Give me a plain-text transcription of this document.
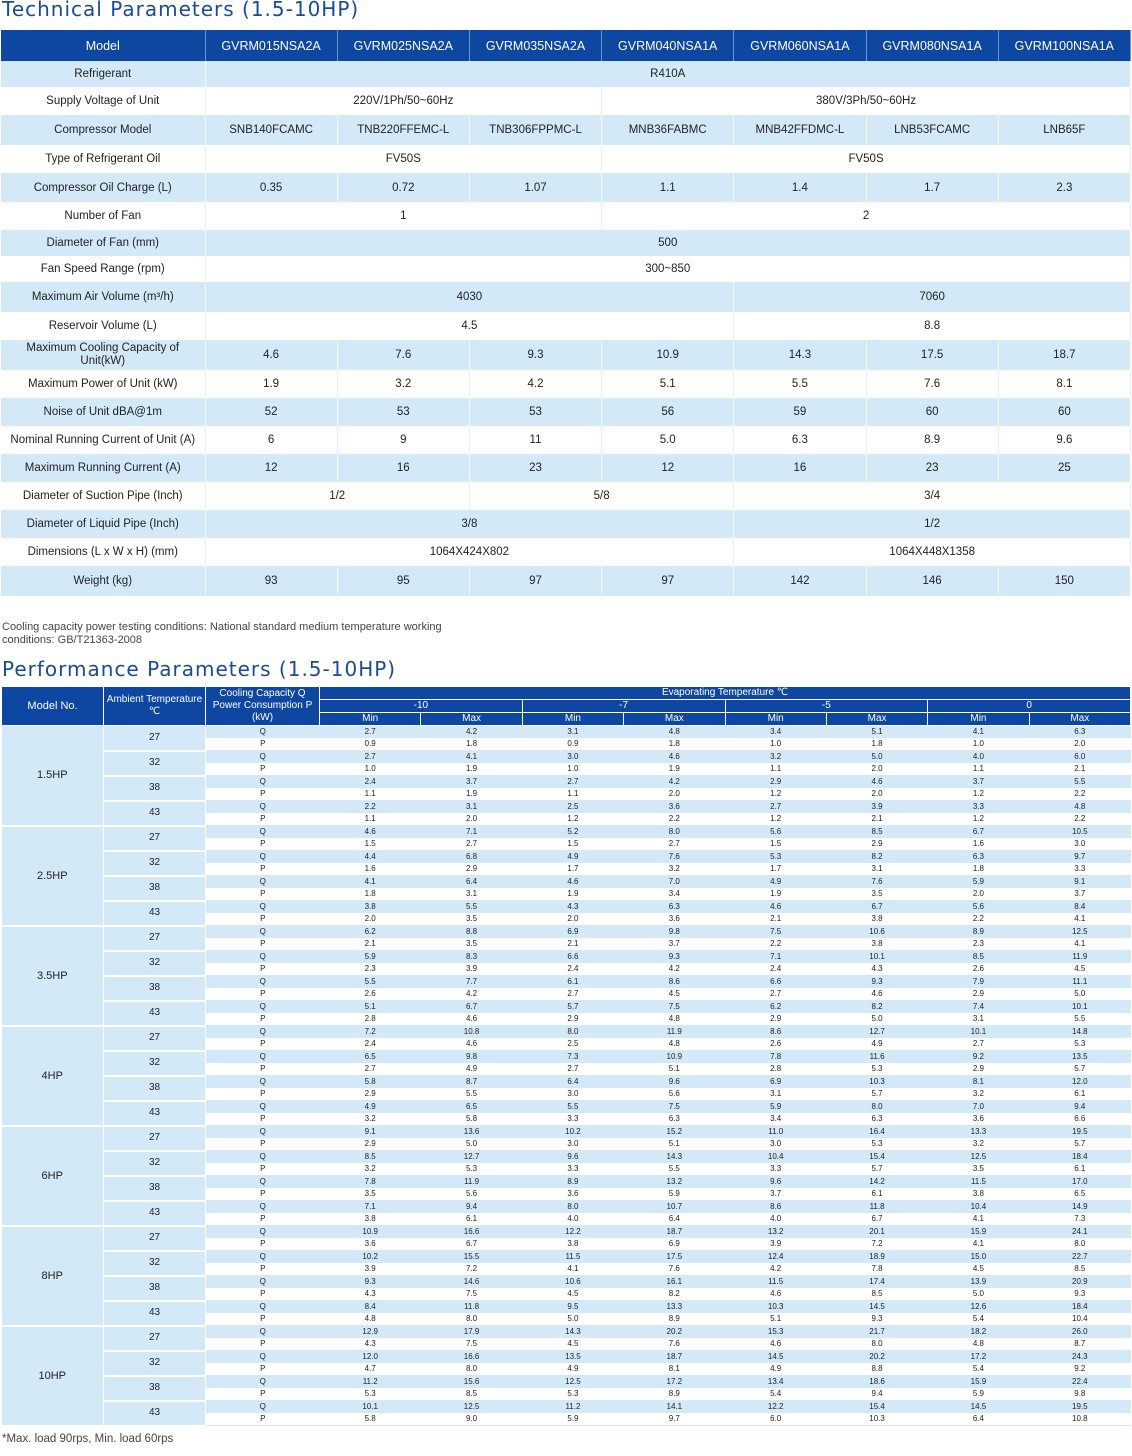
Technical Parameters (1.5-10HP)
Model	GVRM015NSA2A	GVRM025NSA2A	GVRM035NSA2A	GVRM040NSA1A	GVRM060NSA1A	GVRM080NSA1A	GVRM100NSA1A
Refrigerant	R410A						
Supply Voltage of Unit	220V/1Ph/50~60Hz			380V/3Ph/50~60Hz			
Compressor Model	SNB140FCAMC	TNB220FFEMC-L	TNB306FPPMC-L	MNB36FABMC	MNB42FFDMC-L	LNB53FCAMC	LNB65F
Type of Refrigerant Oil	FV50S			FV50S			
Compressor Oil Charge (L)	0.35	0.72	1.07	1.1	1.4	1.7	2.3
Number of Fan	1			2			
Diameter of Fan (mm)	500						
Fan Speed Range (rpm)	300~850						
Maximum Air Volume (m³/h)	4030				7060		
Reservoir Volume (L)	4.5				8.8		
Maximum Cooling Capacity of Unit(kW)	4.6	7.6	9.3	10.9	14.3	17.5	18.7
Maximum Power of Unit (kW)	1.9	3.2	4.2	5.1	5.5	7.6	8.1
Noise of Unit dBA@1m	52	53	53	56	59	60	60
Nominal Running Current of Unit (A)	6	9	11	5.0	6.3	8.9	9.6
Maximum Running Current (A)	12	16	23	12	16	23	25
Diameter of Suction Pipe (Inch)	1/2		5/8		3/4		
Diameter of Liquid Pipe (Inch)	3/8				1/2		
Dimensions (L x W x H) (mm)	1064X424X802				1064X448X1358		
Weight (kg)	93	95	97	97	142	146	150
Cooling capacity power testing conditions: National standard medium temperature working conditions: GB/T21363-2008
Performance Parameters (1.5-10HP)
Model No.	Ambient Temperature ℃	Cooling Capacity Q Power Consumption P (kW)	Evaporating Temperature ℃							
			-10		-7		-5		0	
			Min	Max	Min	Max	Min	Max	Min	Max
1.5HP	27	Q	2.7	4.2	3.1	4.8	3.4	5.1	4.1	6.3
		P	0.9	1.8	0.9	1.8	1.0	1.8	1.0	2.0
	32	Q	2.7	4.1	3.0	4.6	3.2	5.0	4.0	6.0
		P	1.0	1.9	1.0	1.9	1.1	2.0	1.1	2.1
	38	Q	2.4	3.7	2.7	4.2	2.9	4.6	3.7	5.5
		P	1.1	1.9	1.1	2.0	1.2	2.0	1.2	2.2
	43	Q	2.2	3.1	2.5	3.6	2.7	3.9	3.3	4.8
		P	1.1	2.0	1.2	2.2	1.2	2.1	1.2	2.2
2.5HP	27	Q	4.6	7.1	5.2	8.0	5.6	8.5	6.7	10.5
		P	1.5	2.7	1.5	2.7	1.5	2.9	1.6	3.0
	32	Q	4.4	6.8	4.9	7.6	5.3	8.2	6.3	9.7
		P	1.6	2.9	1.7	3.2	1.7	3.1	1.8	3.3
	38	Q	4.1	6.4	4.6	7.0	4.9	7.6	5.9	9.1
		P	1.8	3.1	1.9	3.4	1.9	3.5	2.0	3.7
	43	Q	3.8	5.5	4.3	6.3	4.6	6.7	5.6	8.4
		P	2.0	3.5	2.0	3.6	2.1	3.8	2.2	4.1
3.5HP	27	Q	6.2	8.8	6.9	9.8	7.5	10.6	8.9	12.5
		P	2.1	3.5	2.1	3.7	2.2	3.8	2.3	4.1
	32	Q	5.9	8.3	6.6	9.3	7.1	10.1	8.5	11.9
		P	2.3	3.9	2.4	4.2	2.4	4.3	2.6	4.5
	38	Q	5.5	7.7	6.1	8.6	6.6	9.3	7.9	11.1
		P	2.6	4.2	2.7	4.5	2.7	4.6	2.9	5.0
	43	Q	5.1	6.7	5.7	7.5	6.2	8.2	7.4	10.1
		P	2.8	4.6	2.9	4.8	2.9	5.0	3.1	5.5
4HP	27	Q	7.2	10.8	8.0	11.9	8.6	12.7	10.1	14.8
		P	2.4	4.6	2.5	4.8	2.6	4.9	2.7	5.3
	32	Q	6.5	9.8	7.3	10.9	7.8	11.6	9.2	13.5
		P	2.7	4.9	2.7	5.1	2.8	5.3	2.9	5.7
	38	Q	5.8	8.7	6.4	9.6	6.9	10.3	8.1	12.0
		P	2.9	5.5	3.0	5.6	3.1	5.7	3.2	6.1
	43	Q	4.9	6.5	5.5	7.5	5.9	8.0	7.0	9.4
		P	3.2	5.8	3.3	6.3	3.4	6.3	3.6	6.6
6HP	27	Q	9.1	13.6	10.2	15.2	11.0	16.4	13.3	19.5
		P	2.9	5.0	3.0	5.1	3.0	5.3	3.2	5.7
	32	Q	8.5	12.7	9.6	14.3	10.4	15.4	12.5	18.4
		P	3.2	5.3	3.3	5.5	3.3	5.7	3.5	6.1
	38	Q	7.8	11.9	8.9	13.2	9.6	14.2	11.5	17.0
		P	3.5	5.6	3.6	5.9	3.7	6.1	3.8	6.5
	43	Q	7.1	9.4	8.0	10.7	8.6	11.8	10.4	14.9
		P	3.8	6.1	4.0	6.4	4.0	6.7	4.1	7.3
8HP	27	Q	10.9	16.6	12.2	18.7	13.2	20.1	15.9	24.1
		P	3.6	6.7	3.8	6.9	3.9	7.2	4.1	8.0
	32	Q	10.2	15.5	11.5	17.5	12.4	18.9	15.0	22.7
		P	3.9	7.2	4.1	7.6	4.2	7.8	4.5	8.5
	38	Q	9.3	14.6	10.6	16.1	11.5	17.4	13.9	20.9
		P	4.3	7.5	4.5	8.2	4.6	8.5	5.0	9.3
	43	Q	8.4	11.8	9.5	13.3	10.3	14.5	12.6	18.4
		P	4.8	8.0	5.0	8.9	5.1	9.3	5.4	10.4
10HP	27	Q	12.9	17.9	14.3	20.2	15.3	21.7	18.2	26.0
		P	4.3	7.5	4.5	7.6	4.6	8.0	4.8	8.7
	32	Q	12.0	16.6	13.5	18.7	14.5	20.2	17.2	24.3
		P	4.7	8.0	4.9	8.1	4.9	8.8	5.4	9.2
	38	Q	11.2	15.6	12.5	17.2	13.4	18.6	15.9	22.4
		P	5.3	8.5	5.3	8.9	5.4	9.4	5.9	9.8
	43	Q	10.1	12.5	11.2	14.1	12.2	15.4	14.5	19.5
		P	5.8	9.0	5.9	9.7	6.0	10.3	6.4	10.8
*Max. load 90rps, Min. load 60rps
